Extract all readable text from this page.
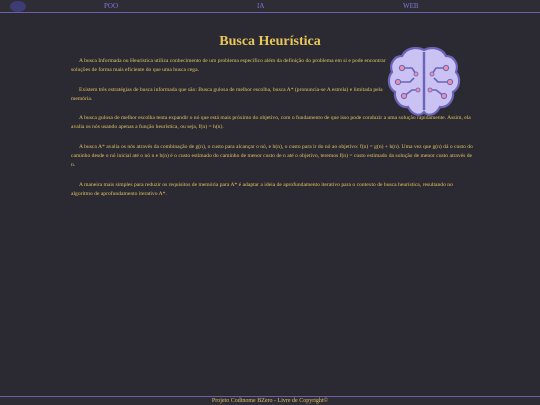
POO	IA	WEB
Busca Heurística

A busca Informada ou Heurística utiliza conhecimento de um problema específico além da definição do problema em si e pode encontrar soluções de forma mais eficiente do que uma busca cega.

Existem três estratégias de busca informada que são: Busca gulosa de melhor escolha, busca A* (pronuncia-se A estrela) e limitada pela memória.

A busca gulosa de melhor escolha tenta expandir o nó que está mais próximo do objetivo, com o fundamento de que isso pode conduzir a uma solução rapidamente. Assim, ela avalia os nós usando apenas a função heurística, ou seja, f(n) = h(n).

A busca A* avalia os nós através da combinação de g(n), o custo para alcançar o nó, e h(n), o custo para ir do nó ao objetivo: f(n) = g(n) + h(n). Uma vez que g(n) dá o custo do caminho desde o nó inicial até o nó n e h(n) é o custo estimado do caminho de menor custo de n até o objetivo, teremos f(n) = custo estimado da solução de menor custo através de n.

A maneira mais simples para reduzir os requisitos de memória para A* é adaptar a ideia de aprofundamento iterativo para o contexto de busca heurística, resultando no algoritmo de aprofundamento iterativo A*.

Projeto Codinome BZero - Livre de Copyright©
